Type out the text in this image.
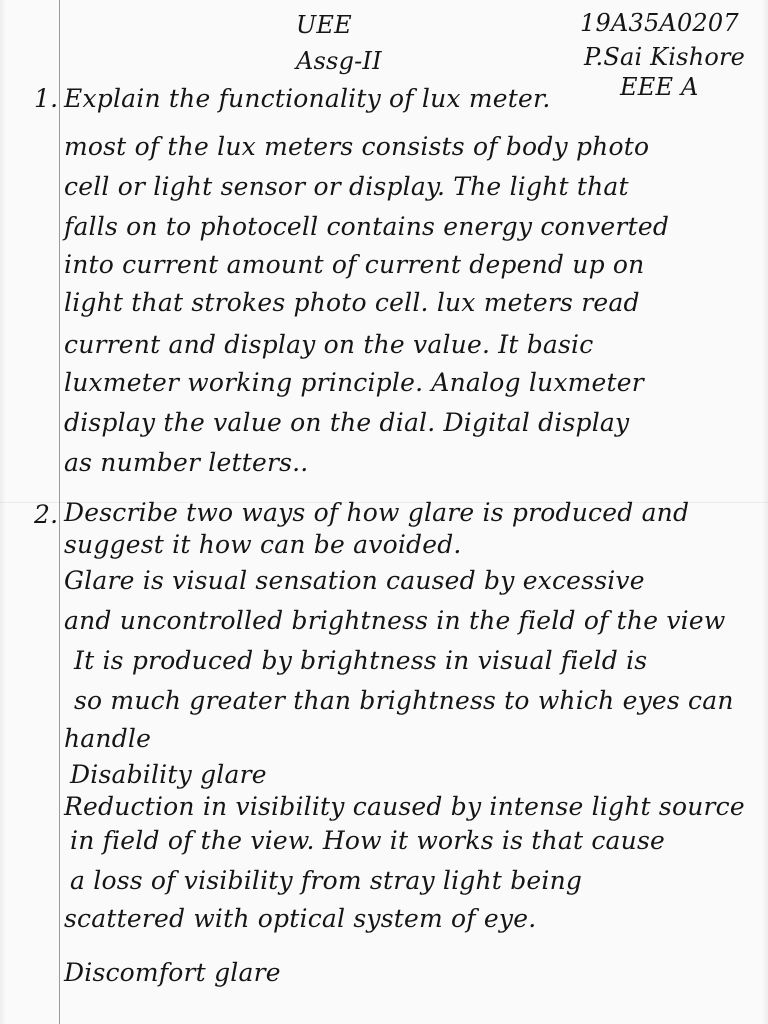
UEE
Assg-II
19A35A0207
P.Sai Kishore
EEE A
1. Explain the functionality of lux meter.
most of the lux meters consists of body photo
cell or light sensor or display. The light that
falls on to photocell contains energy converted
into current amount of current depend up on
light that strokes photo cell. lux meters read
current and display on the value. It basic
luxmeter working principle. Analog luxmeter
display the value on the dial. Digital display
as number letters..
2. Describe two ways of how glare is produced and
suggest it how can be avoided.
Glare is visual sensation caused by excessive
and uncontrolled brightness in the field of the view
It is produced by brightness in visual field is
so much greater than brightness to which eyes can
handle
Disability glare
Reduction in visibility caused by intense light source
in field of the view. How it works is that cause
a loss of visibility from stray light being
scattered with optical system of eye.
Discomfort glare
